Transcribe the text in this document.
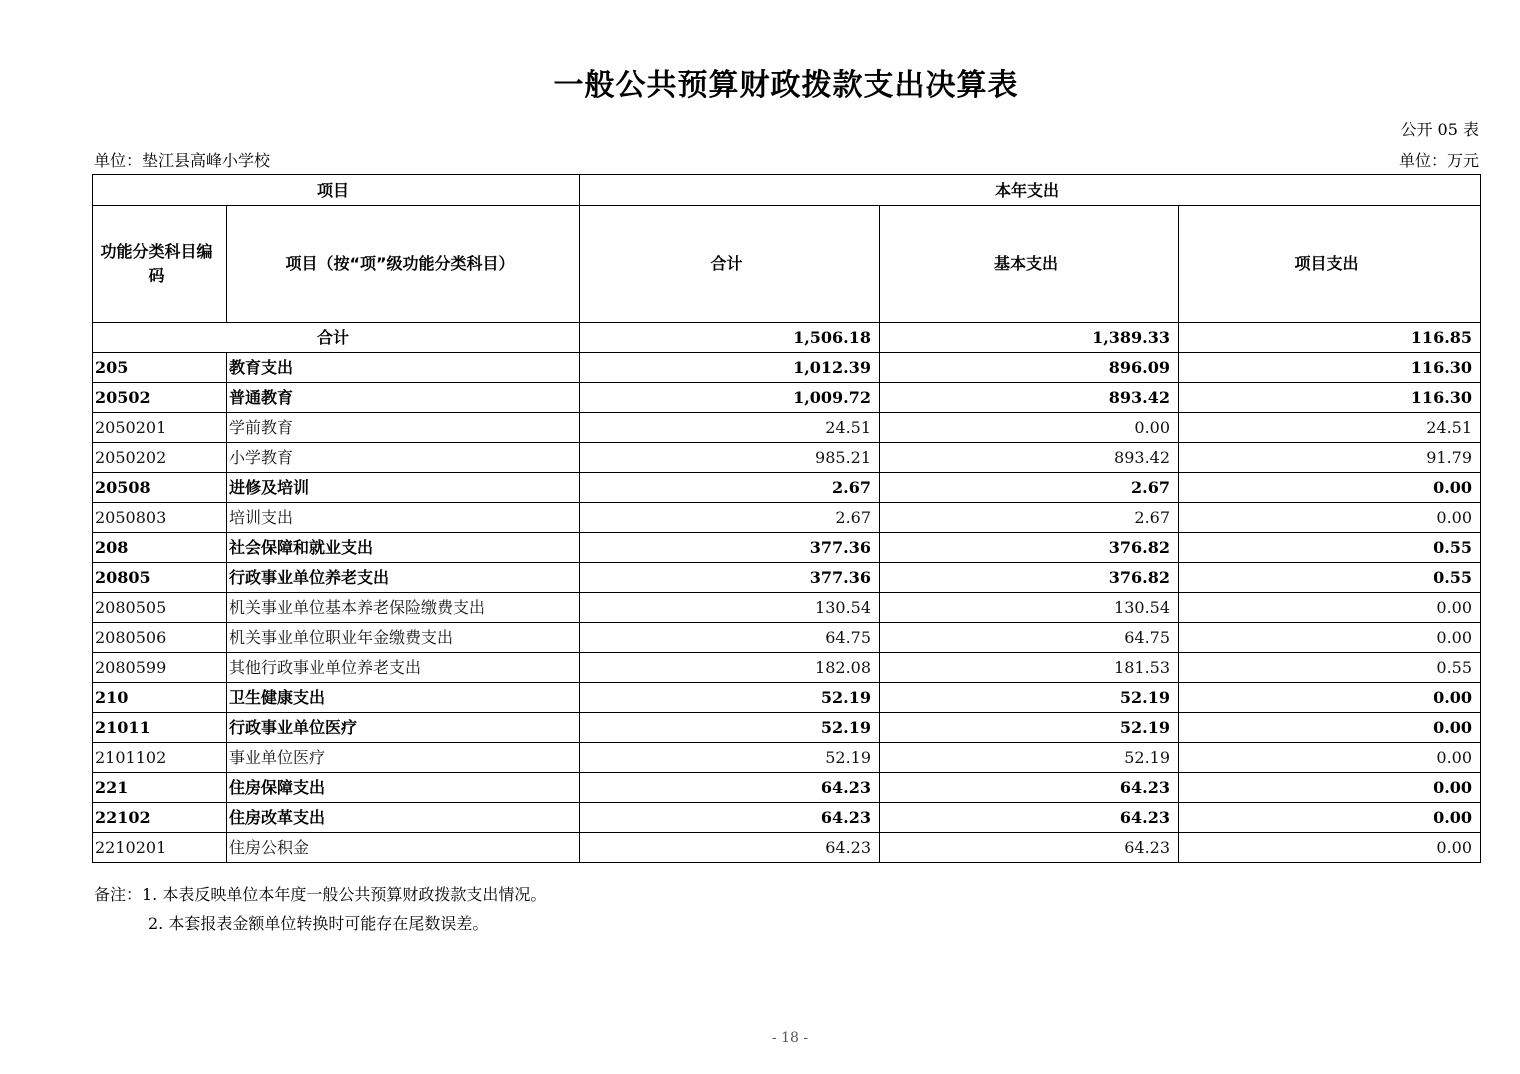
一般公共预算财政拨款支出决算表
公开 05 表
单位：垫江县高峰小学校	单位：万元
项目		本年支出		
功能分类科目编码	项目（按“项”级功能分类科目）	合计	基本支出	项目支出
合计		1,506.18	1,389.33	116.85
205	教育支出	1,012.39	896.09	116.30
20502	普通教育	1,009.72	893.42	116.30
2050201	学前教育	24.51	0.00	24.51
2050202	小学教育	985.21	893.42	91.79
20508	进修及培训	2.67	2.67	0.00
2050803	培训支出	2.67	2.67	0.00
208	社会保障和就业支出	377.36	376.82	0.55
20805	行政事业单位养老支出	377.36	376.82	0.55
2080505	机关事业单位基本养老保险缴费支出	130.54	130.54	0.00
2080506	机关事业单位职业年金缴费支出	64.75	64.75	0.00
2080599	其他行政事业单位养老支出	182.08	181.53	0.55
210	卫生健康支出	52.19	52.19	0.00
21011	行政事业单位医疗	52.19	52.19	0.00
2101102	事业单位医疗	52.19	52.19	0.00
221	住房保障支出	64.23	64.23	0.00
22102	住房改革支出	64.23	64.23	0.00
2210201	住房公积金	64.23	64.23	0.00
备注：1. 本表反映单位本年度一般公共预算财政拨款支出情况。
2. 本套报表金额单位转换时可能存在尾数误差。
- 18 -
